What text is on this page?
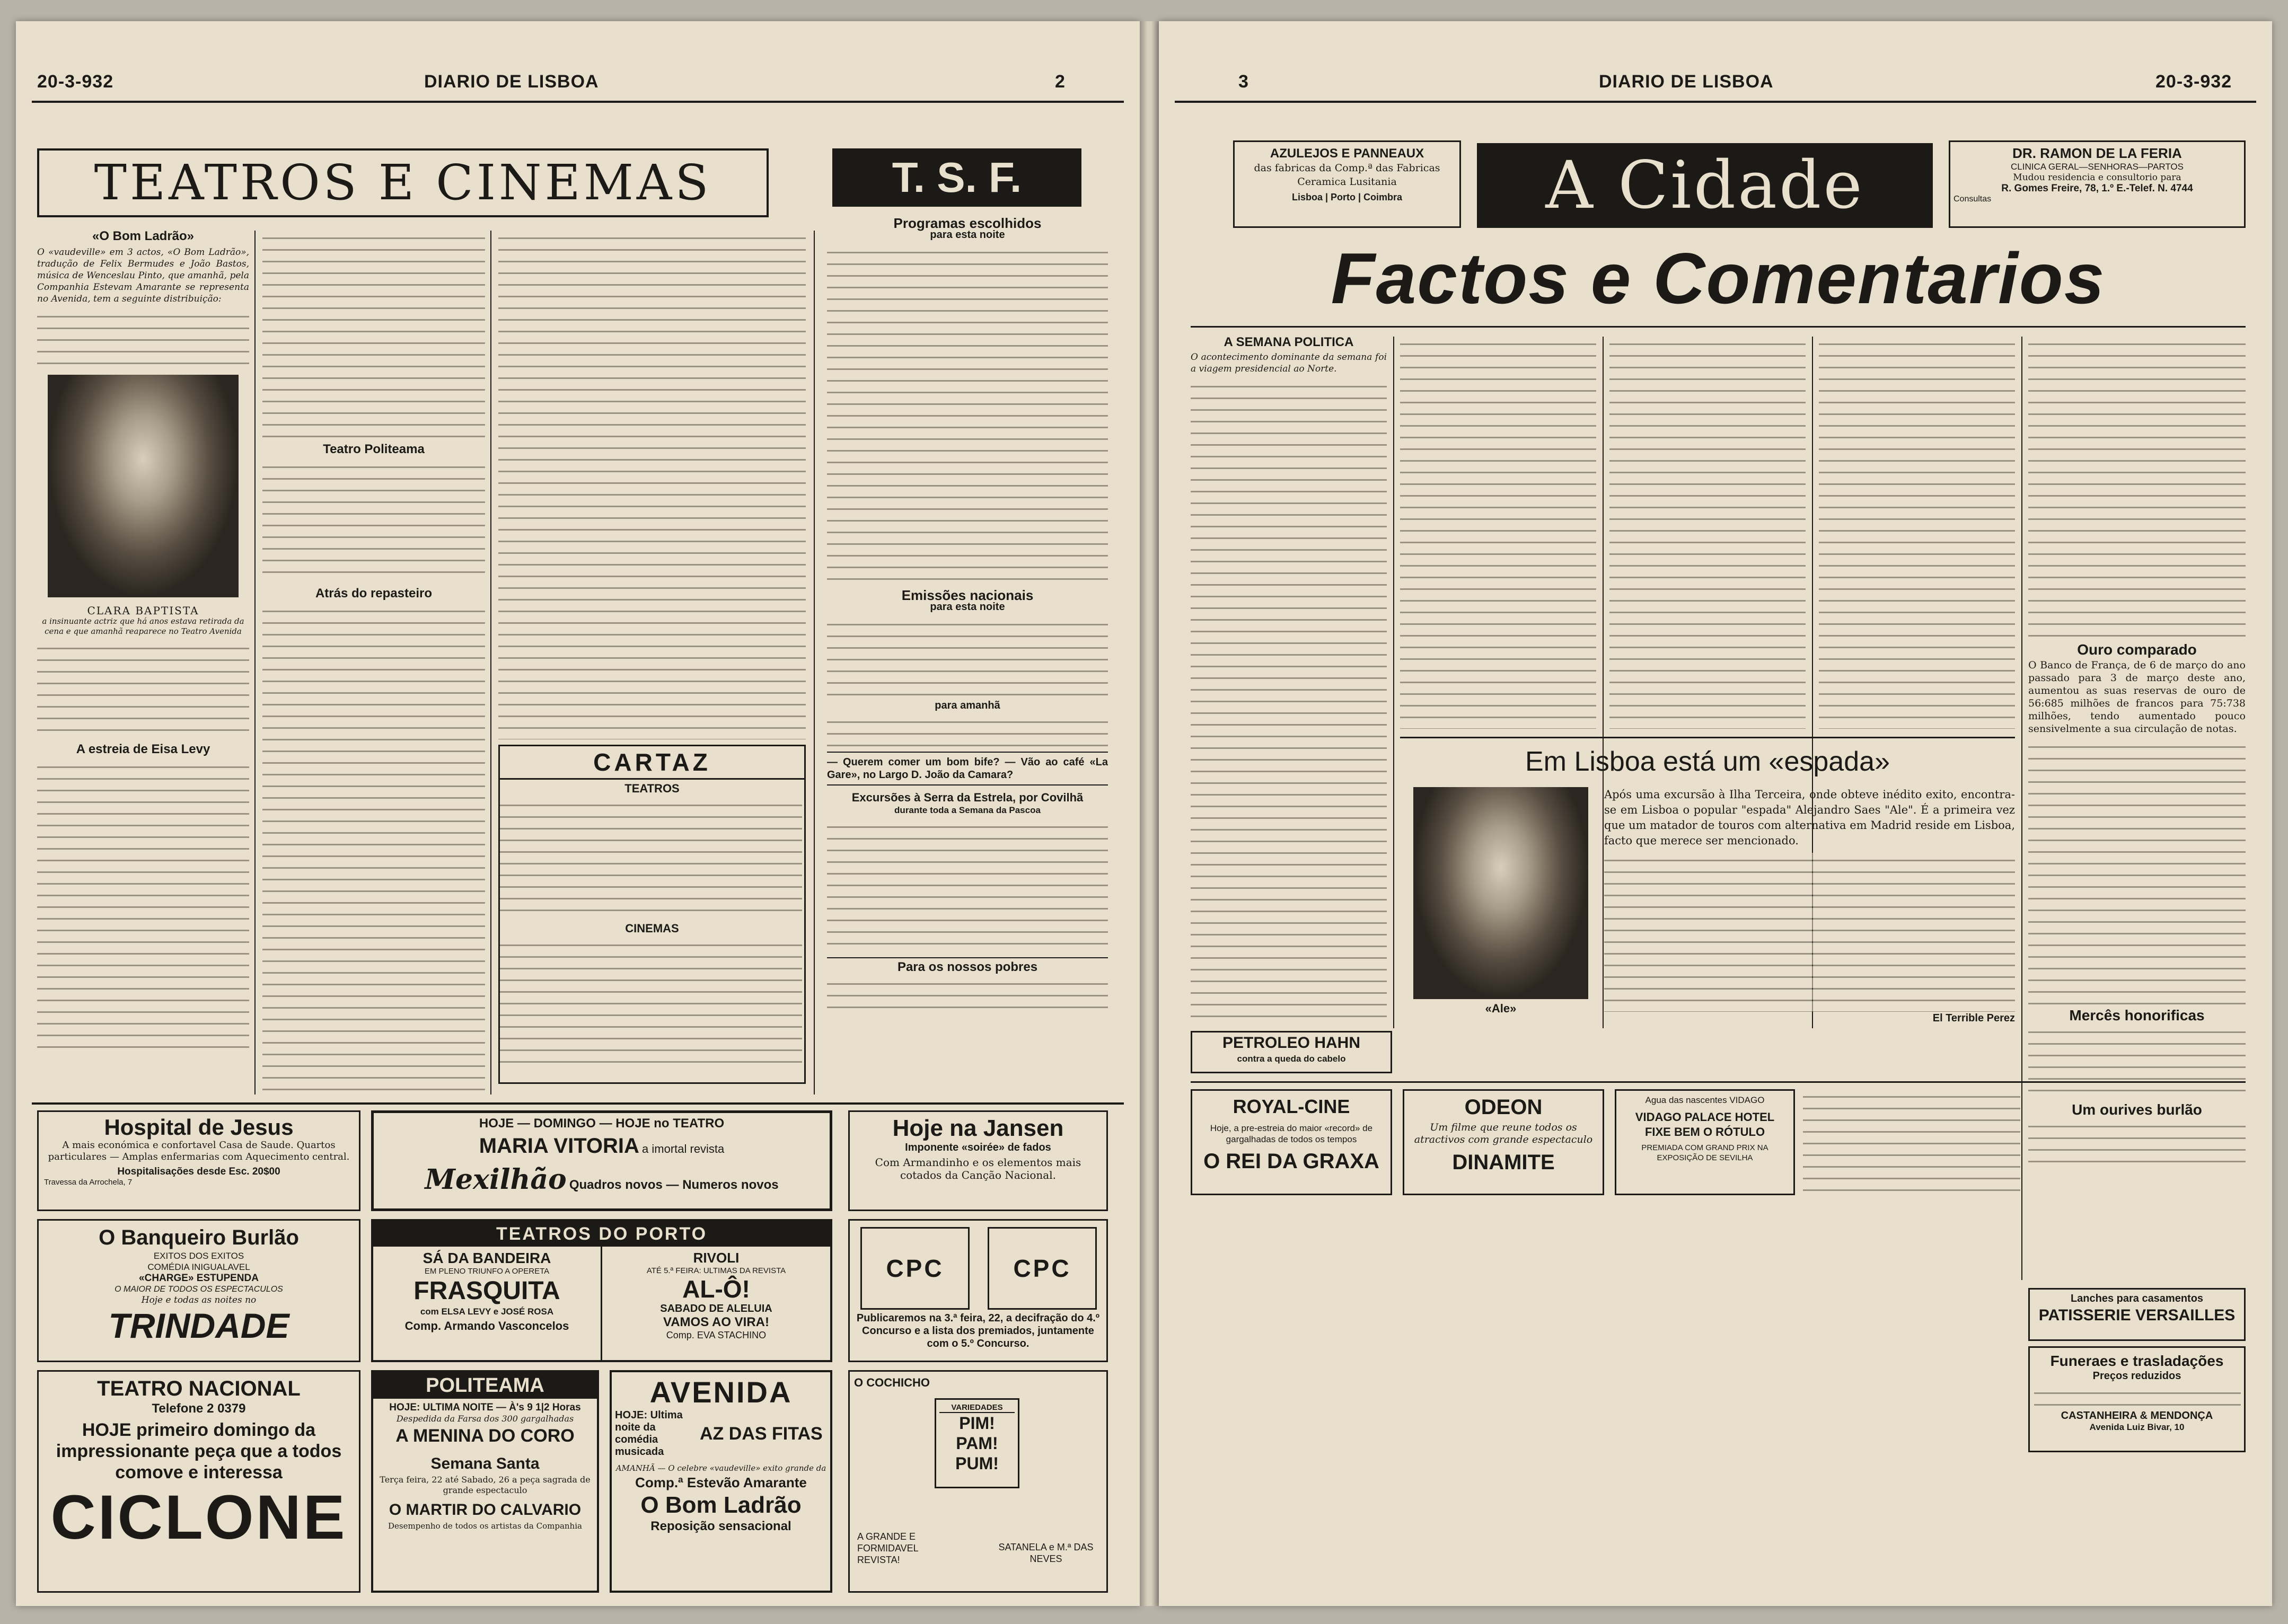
20-3-932	DIARIO DE LISBOA	2
TEATROS E CINEMAS	T. S. F.
«O Bom Ladrão»

O «vaudeville» em 3 actos, «O Bom Ladrão», tradução de Felix Bermudes e João Bastos, música de Wenceslau Pinto, que amanhã, pela Companhia Estevam Amarante se representa no Avenida, tem a seguinte distribuição:

CLARA BAPTISTA

a insinuante actriz que há anos estava retirada da cena e que amanhã reaparece no Teatro Avenida

A estreia de Eisa Levy
Teatro Politeama
Atrás do repasteiro
CARTAZ
TEATROS
CINEMAS
Programas escolhidos
para esta noite
Emissões nacionais
para esta noite
para amanhã
— Querem comer um bom bife? — Vão ao café «La Gare», no Largo D. João da Camara?
Excursões à Serra da Estrela, por Covilhã
durante toda a Semana da Pascoa
Para os nossos pobres
Hospital de Jesus
A mais económica e confortavel Casa de Saude. Quartos particulares — Amplas enfermarias com Aquecimento central.
Hospitalisações desde Esc. 20$00
Travessa da Arrochela, 7
HOJE — DOMINGO — HOJE no TEATRO
MARIA VITORIA a imortal revista
Mexilhão Quadros novos — Numeros novos
Hoje na Jansen
Imponente «soirée» de fados
Com Armandinho e os elementos mais cotados da Canção Nacional.
O Banqueiro Burlão
EXITOS DOS EXITOS
COMÉDIA INIGUALAVEL
«CHARGE» ESTUPENDA
O MAIOR DE TODOS OS ESPECTACULOS
Hoje e todas as noites no
TRINDADE
TEATROS DO PORTO
SÁ DA BANDEIRA
EM PLENO TRIUNFO A OPERETA
FRASQUITA
com ELSA LEVY e JOSÉ ROSA
Comp. Armando Vasconcelos
RIVOLI
ATÉ 5.ª FEIRA: ULTIMAS DA REVISTA
AL-Ô!
SABADO DE ALELUIA
VAMOS AO VIRA!
Comp. EVA STACHINO
CPC	CPC
Publicaremos na 3.ª feira, 22, a decifração do 4.º Concurso e a lista dos premiados, juntamente com o 5.º Concurso.
TEATRO NACIONAL
Telefone 2 0379
HOJE primeiro domingo da impressionante peça que a todos comove e interessa
CICLONE
POLITEAMA
HOJE: ULTIMA NOITE — À's 9 1|2 Horas
Despedida da Farsa dos 300 gargalhadas
A MENINA DO CORO
Semana Santa
Terça feira, 22 até Sabado, 26 a peça sagrada de grande espectaculo
O MARTIR DO CALVARIO
Desempenho de todos os artistas da Companhia
AVENIDA
HOJE: Ultima noite da comédia musicada
AZ DAS FITAS
AMANHÃ — O celebre «vaudeville» exito grande da
Comp.ª Estevão Amarante
O Bom Ladrão
Reposição sensacional
O COCHICHO
VARIEDADES
PIM! PAM! PUM!
A GRANDE E FORMIDAVEL REVISTA!
SATANELA e M.ª DAS NEVES
3	DIARIO DE LISBOA	20-3-932
AZULEJOS E PANNEAUX
das fabricas da Comp.ª das Fabricas Ceramica Lusitania
Lisboa | Porto | Coimbra	A Cidade	DR. RAMON DE LA FERIA
CLINICA GERAL—SENHORAS—PARTOS
Mudou residencia e consultorio para
R. Gomes Freire, 78, 1.º E.-Telef. N. 4744
Consultas
Factos e Comentarios
A SEMANA POLITICA

O acontecimento dominante da semana foi a viagem presidencial ao Norte.

Ouro comparado

O Banco de França, de 6 de março do ano passado para 3 de março deste ano, aumentou as suas reservas de ouro de 56:685 milhões de francos para 75:738 milhões, tendo aumentado pouco sensivelmente a sua circulação de notas.

Mercês honorificas
Um ourives burlão
Em Lisboa está um «espada»
«Ale»

Após uma excursão à Ilha Terceira, onde obteve inédito exito, encontra-se em Lisboa o popular "espada" Alejandro Saes "Ale". É a primeira vez que um matador de touros com alternativa em Madrid reside em Lisboa, facto que merece ser mencionado.

El Terrible Perez
PETROLEO HAHN
contra a queda do cabelo
ROYAL-CINE
Hoje, a pre-estreia do maior «record» de gargalhadas de todos os tempos
O REI DA GRAXA
ODEON
Um filme que reune todos os atractivos com grande espectaculo
DINAMITE
Agua das nascentes VIDAGO
VIDAGO PALACE HOTEL
FIXE BEM O RÓTULO
PREMIADA COM GRAND PRIX NA EXPOSIÇÃO DE SEVILHA
Lanches para casamentos
PATISSERIE VERSAILLES
Funeraes e trasladações
Preços reduzidos
CASTANHEIRA & MENDONÇA
Avenida Luiz Bivar, 10
